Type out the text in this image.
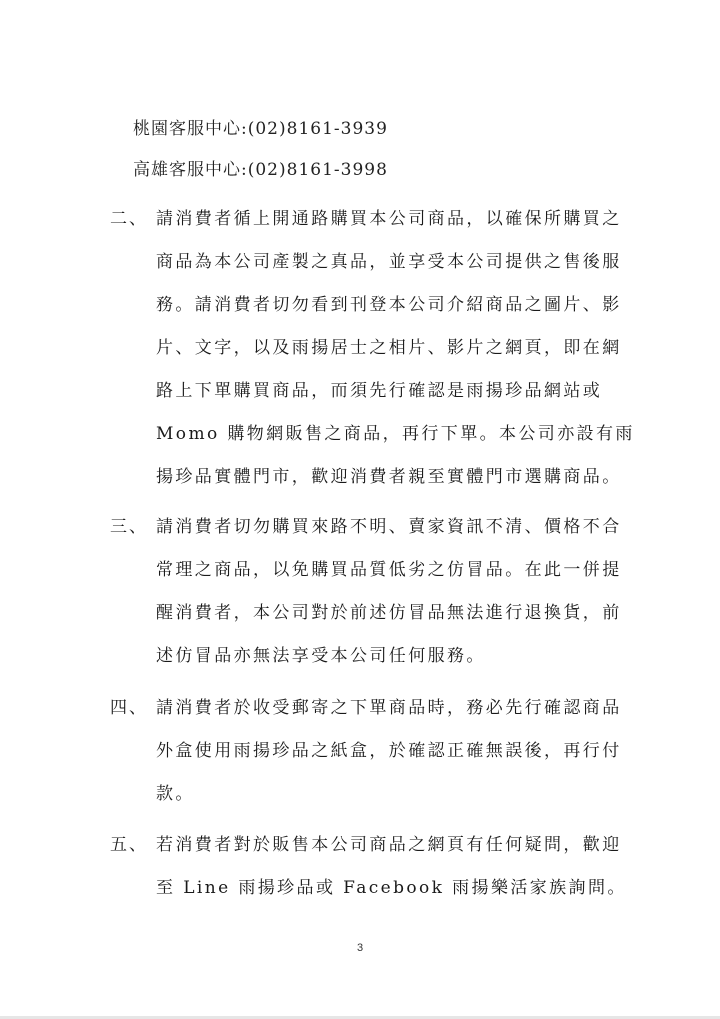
桃園客服中心:(02)8161-3939
高雄客服中心:(02)8161-3998
二、 請消費者循上開通路購買本公司商品，以確保所購買之
商品為本公司產製之真品，並享受本公司提供之售後服
務。請消費者切勿看到刊登本公司介紹商品之圖片、影
片、文字，以及雨揚居士之相片、影片之網頁，即在網
路上下單購買商品，而須先行確認是雨揚珍品網站或
Momo 購物網販售之商品，再行下單。本公司亦設有雨
揚珍品實體門市，歡迎消費者親至實體門市選購商品。
三、 請消費者切勿購買來路不明、賣家資訊不清、價格不合
常理之商品，以免購買品質低劣之仿冒品。在此一併提
醒消費者，本公司對於前述仿冒品無法進行退換貨，前
述仿冒品亦無法享受本公司任何服務。
四、 請消費者於收受郵寄之下單商品時，務必先行確認商品
外盒使用雨揚珍品之紙盒，於確認正確無誤後，再行付
款。
五、 若消費者對於販售本公司商品之網頁有任何疑問，歡迎
至 Line 雨揚珍品或 Facebook 雨揚樂活家族詢問。
3
